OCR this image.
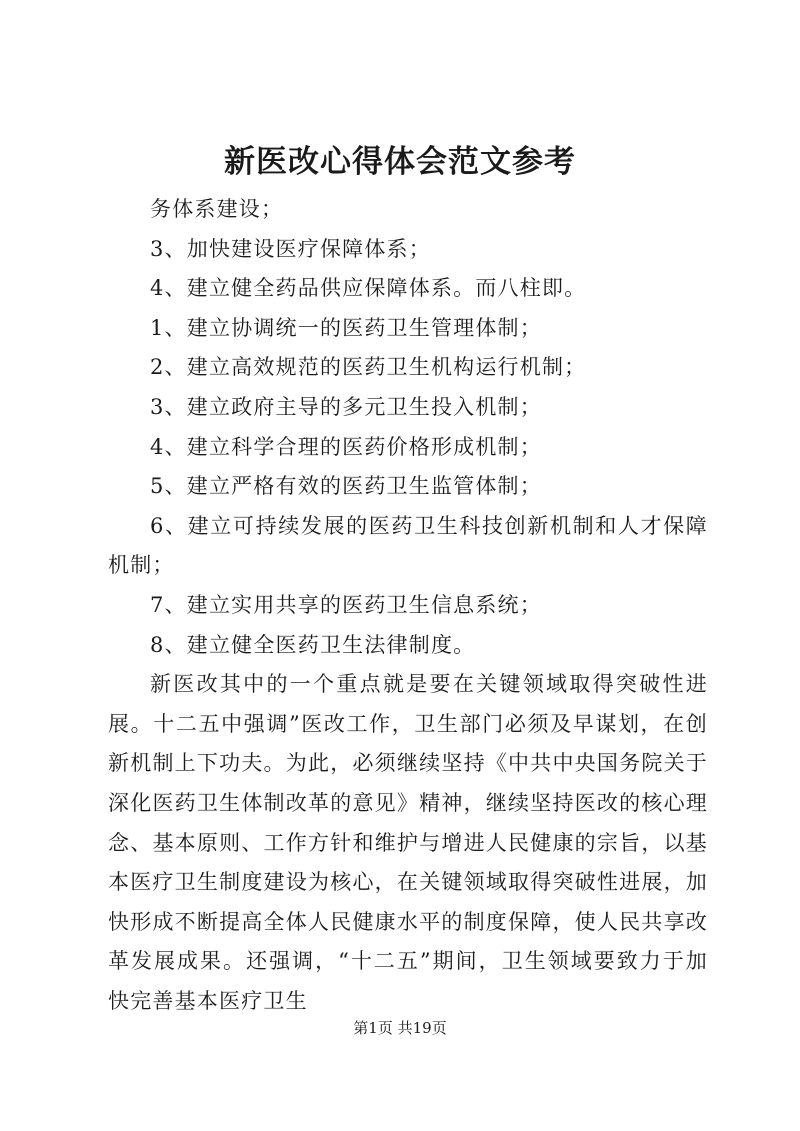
新医改心得体会范文参考

务体系建设；

3、加快建设医疗保障体系；

4、建立健全药品供应保障体系。而八柱即。

1、建立协调统一的医药卫生管理体制；

2、建立高效规范的医药卫生机构运行机制；

3、建立政府主导的多元卫生投入机制；

4、建立科学合理的医药价格形成机制；

5、建立严格有效的医药卫生监管体制；

6、建立可持续发展的医药卫生科技创新机制和人才保障机制；

7、建立实用共享的医药卫生信息系统；

8、建立健全医药卫生法律制度。

新医改其中的一个重点就是要在关键领域取得突破性进展。十二五中强调”医改工作，卫生部门必须及早谋划，在创新机制上下功夫。为此，必须继续坚持《中共中央国务院关于深化医药卫生体制改革的意见》精神，继续坚持医改的核心理念、基本原则、工作方针和维护与增进人民健康的宗旨，以基本医疗卫生制度建设为核心，在关键领域取得突破性进展，加快形成不断提高全体人民健康水平的制度保障，使人民共享改革发展成果。还强调，“十二五”期间，卫生领域要致力于加快完善基本医疗卫生

第1页 共19页
